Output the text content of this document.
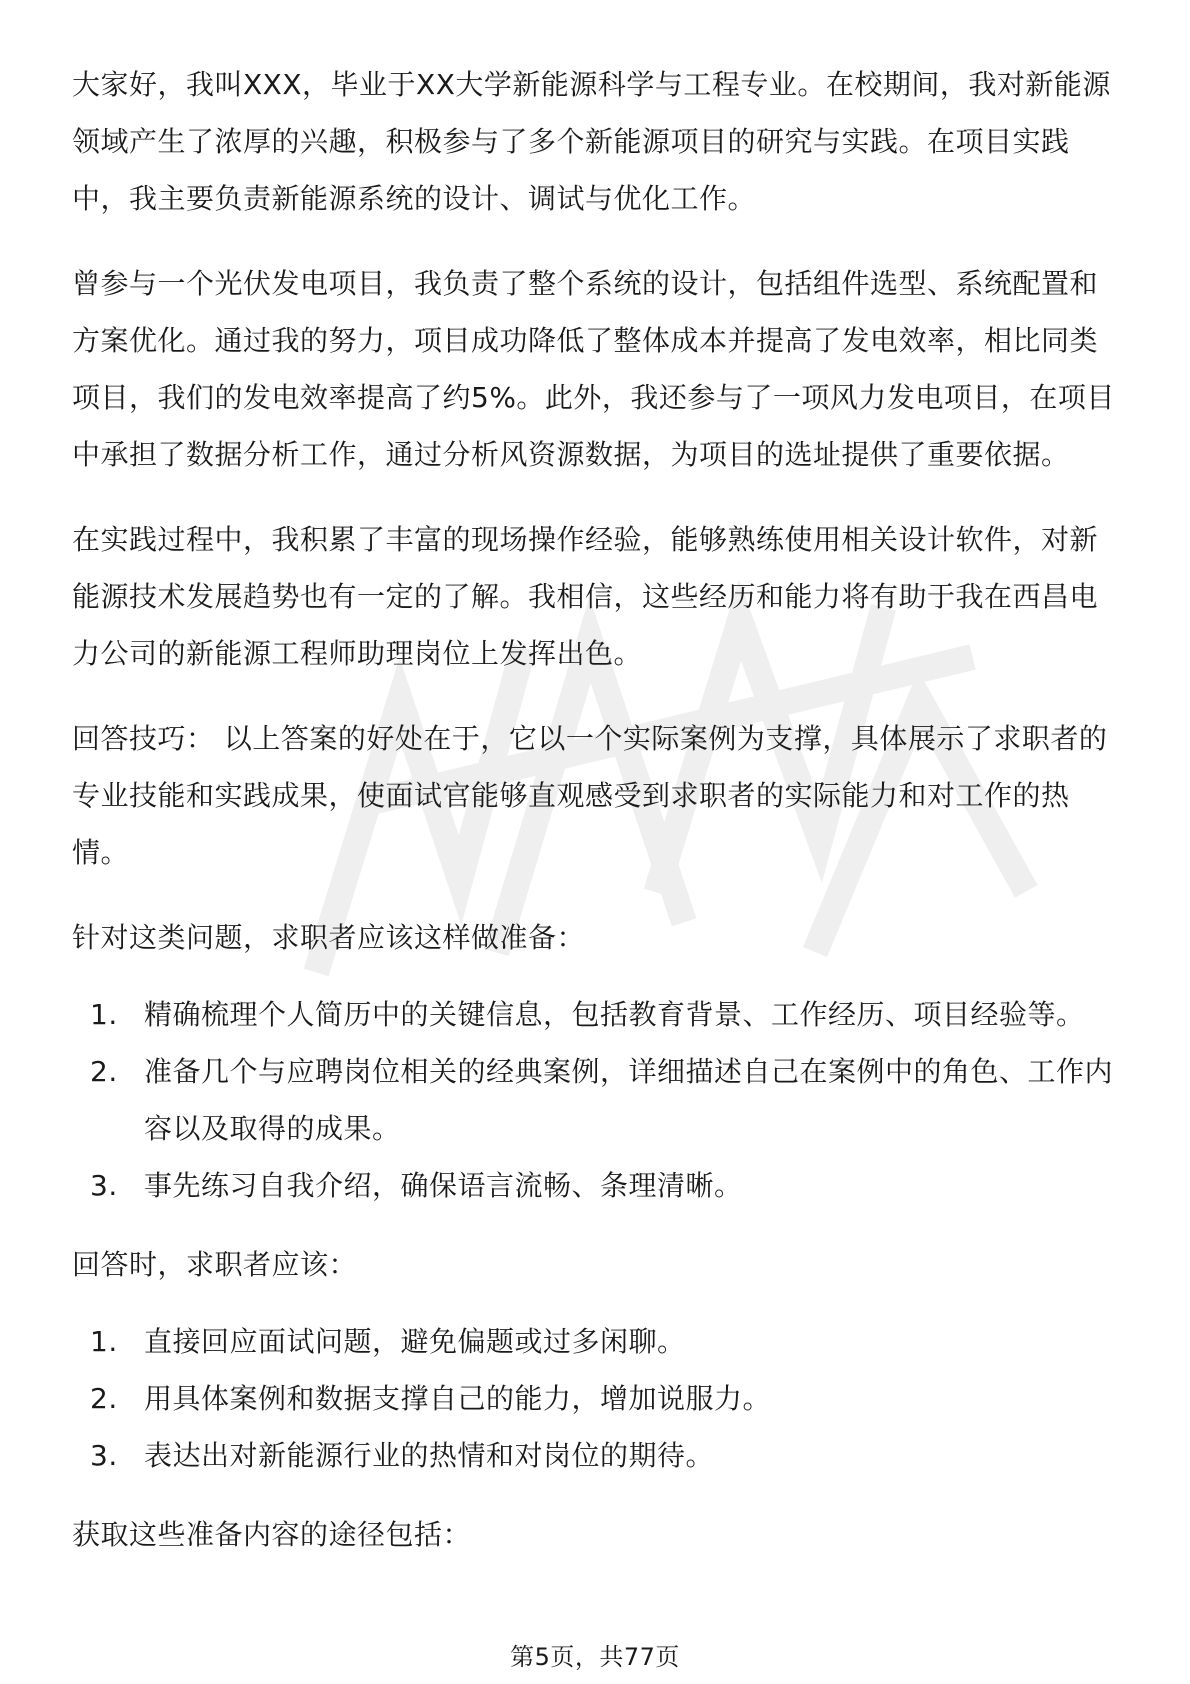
大家好，我叫XXX，毕业于XX大学新能源科学与工程专业。在校期间，我对新能源领域产生了浓厚的兴趣，积极参与了多个新能源项目的研究与实践。在项目实践中，我主要负责新能源系统的设计、调试与优化工作。

曾参与一个光伏发电项目，我负责了整个系统的设计，包括组件选型、系统配置和方案优化。通过我的努力，项目成功降低了整体成本并提高了发电效率，相比同类项目，我们的发电效率提高了约5%。此外，我还参与了一项风力发电项目，在项目中承担了数据分析工作，通过分析风资源数据，为项目的选址提供了重要依据。

在实践过程中，我积累了丰富的现场操作经验，能够熟练使用相关设计软件，对新能源技术发展趋势也有一定的了解。我相信，这些经历和能力将有助于我在西昌电力公司的新能源工程师助理岗位上发挥出色。

回答技巧： 以上答案的好处在于，它以一个实际案例为支撑，具体展示了求职者的专业技能和实践成果，使面试官能够直观感受到求职者的实际能力和对工作的热情。

针对这类问题，求职者应该这样做准备：

1. 精确梳理个人简历中的关键信息，包括教育背景、工作经历、项目经验等。
2. 准备几个与应聘岗位相关的经典案例，详细描述自己在案例中的角色、工作内容以及取得的成果。
3. 事先练习自我介绍，确保语言流畅、条理清晰。

回答时，求职者应该：

1. 直接回应面试问题，避免偏题或过多闲聊。
2. 用具体案例和数据支撑自己的能力，增加说服力。
3. 表达出对新能源行业的热情和对岗位的期待。

获取这些准备内容的途径包括：

第5页，共77页
